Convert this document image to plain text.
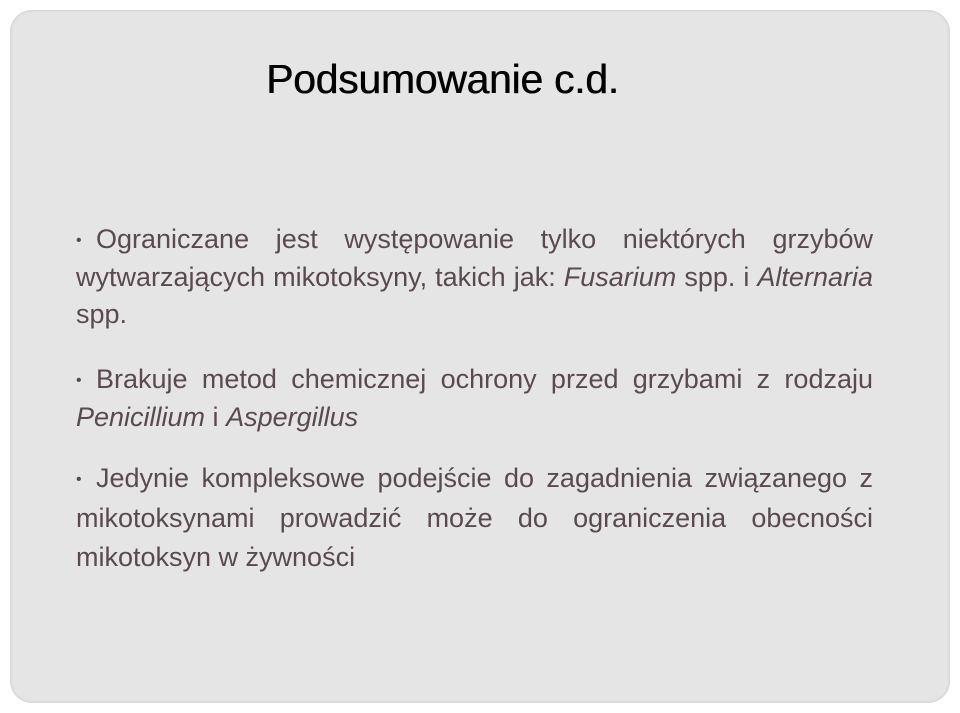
Podsumowanie c.d.

• Ograniczane jest występowanie tylko niektórych grzybów wytwarzających mikotoksyny, takich jak: Fusarium spp. i Alternaria spp.

• Brakuje metod chemicznej ochrony przed grzybami z rodzaju Penicillium i Aspergillus

• Jedynie kompleksowe podejście do zagadnienia związanego z mikotoksynami prowadzić może do ograniczenia obecności mikotoksyn w żywności
